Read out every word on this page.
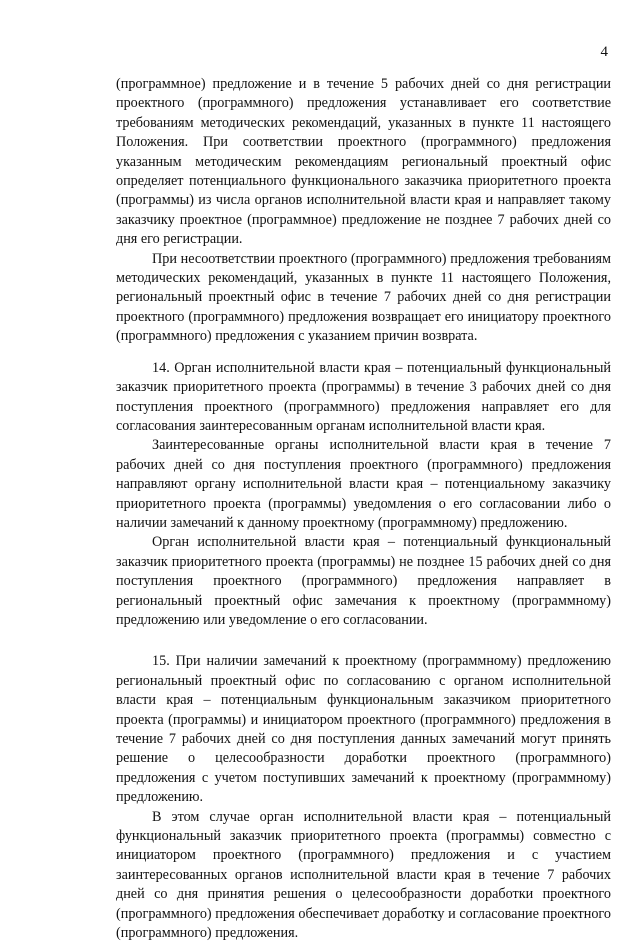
4

(программное) предложение и в течение 5 рабочих дней со дня регистрации проектного (программного) предложения устанавливает его соответствие требованиям методических рекомендаций, указанных в пункте 11 настоящего Положения. При соответствии проектного (программного) предложения указанным методическим рекомендациям региональный проектный офис определяет потенциального функционального заказчика приоритетного проекта (программы) из числа органов исполнительной власти края и направляет такому заказчику проектное (программное) предложение не позднее 7 рабочих дней со дня его регистрации.

При несоответствии проектного (программного) предложения требованиям методических рекомендаций, указанных в пункте 11 настоящего Положения, региональный проектный офис в течение 7 рабочих дней со дня регистрации проектного (программного) предложения возвращает его инициатору проектного (программного) предложения с указанием причин возврата.

14. Орган исполнительной власти края – потенциальный функциональный заказчик приоритетного проекта (программы) в течение 3 рабочих дней со дня поступления проектного (программного) предложения направляет его для согласования заинтересованным органам исполнительной власти края.

Заинтересованные органы исполнительной власти края в течение 7 рабочих дней со дня поступления проектного (программного) предложения направляют органу исполнительной власти края – потенциальному заказчику приоритетного проекта (программы) уведомления о его согласовании либо о наличии замечаний к данному проектному (программному) предложению.

Орган исполнительной власти края – потенциальный функциональный заказчик приоритетного проекта (программы) не позднее 15 рабочих дней со дня поступления проектного (программного) предложения направляет в региональный проектный офис замечания к проектному (программному) предложению или уведомление о его согласовании.

15. При наличии замечаний к проектному (программному) предложению региональный проектный офис по согласованию с органом исполнительной власти края – потенциальным функциональным заказчиком приоритетного проекта (программы) и инициатором проектного (программного) предложения в течение 7 рабочих дней со дня поступления данных замечаний могут принять решение о целесообразности доработки проектного (программного) предложения с учетом поступивших замечаний к проектному (программному) предложению.

В этом случае орган исполнительной власти края – потенциальный функциональный заказчик приоритетного проекта (программы) совместно с инициатором проектного (программного) предложения и с участием заинтересованных органов исполнительной власти края в течение 7 рабочих дней со дня принятия решения о целесообразности доработки проектного (программного) предложения обеспечивает доработку и согласование проектного (программного) предложения.
